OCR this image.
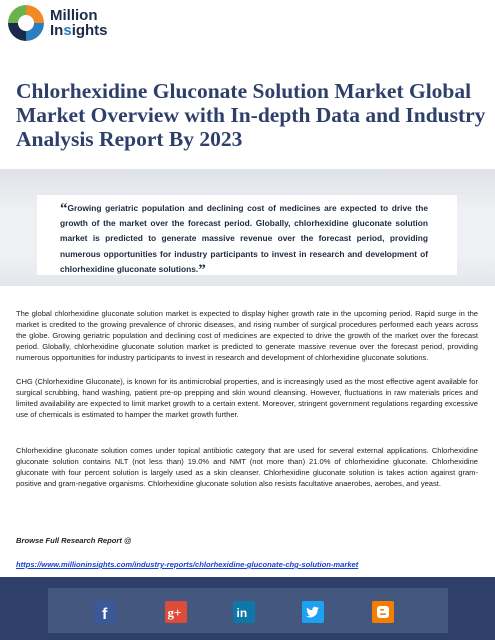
Million
Insights
Chlorhexidine Gluconate Solution Market Global Market Overview with In-depth Data and Industry Analysis Report By 2023

“Growing geriatric population and declining cost of medicines are expected to drive the growth of the market over the forecast period. Globally, chlorhexidine gluconate solution market is predicted to generate massive revenue over the forecast period, providing numerous opportunities for industry participants to invest in research and development of chlorhexidine gluconate solutions.”

The global chlorhexidine gluconate solution market is expected to display higher growth rate in the upcoming period. Rapid surge in the market is credited to the growing prevalence of chronic diseases, and rising number of surgical procedures performed each years across the globe. Growing geriatric population and declining cost of medicines are expected to drive the growth of the market over the forecast period. Globally, chlorhexidine gluconate solution market is predicted to generate massive revenue over the forecast period, providing numerous opportunities for industry participants to invest in research and development of chlorhexidine gluconate solutions.

CHG (Chlorhexidine Gluconate), is known for its antimicrobial properties, and is increasingly used as the most effective agent available for surgical scrubbing, hand washing, patient pre-op prepping and skin wound cleansing. However, fluctuations in raw materials prices and limited availability are expected to limit market growth to a certain extent. Moreover, stringent government regulations regarding excessive use of chemicals is estimated to hamper the market growth further.

Chlorhexidine gluconate solution comes under topical antibiotic category that are used for several external applications. Chlorhexidine gluconate solution contains NLT (not less than) 19.0% and NMT (not more than) 21.0% of chlorhexidine gluconate. Chlorhexidine gluconate with four percent solution is largely used as a skin cleanser. Chlorhexidine gluconate solution is takes action against gram-positive and gram-negative organisms. Chlorhexidine gluconate solution also resists facultative anaerobes, aerobes, and yeast.

Browse Full Research Report @
https://www.millioninsights.com/industry-reports/chlorhexidine-gluconate-chg-solution-market
f	g+	in
